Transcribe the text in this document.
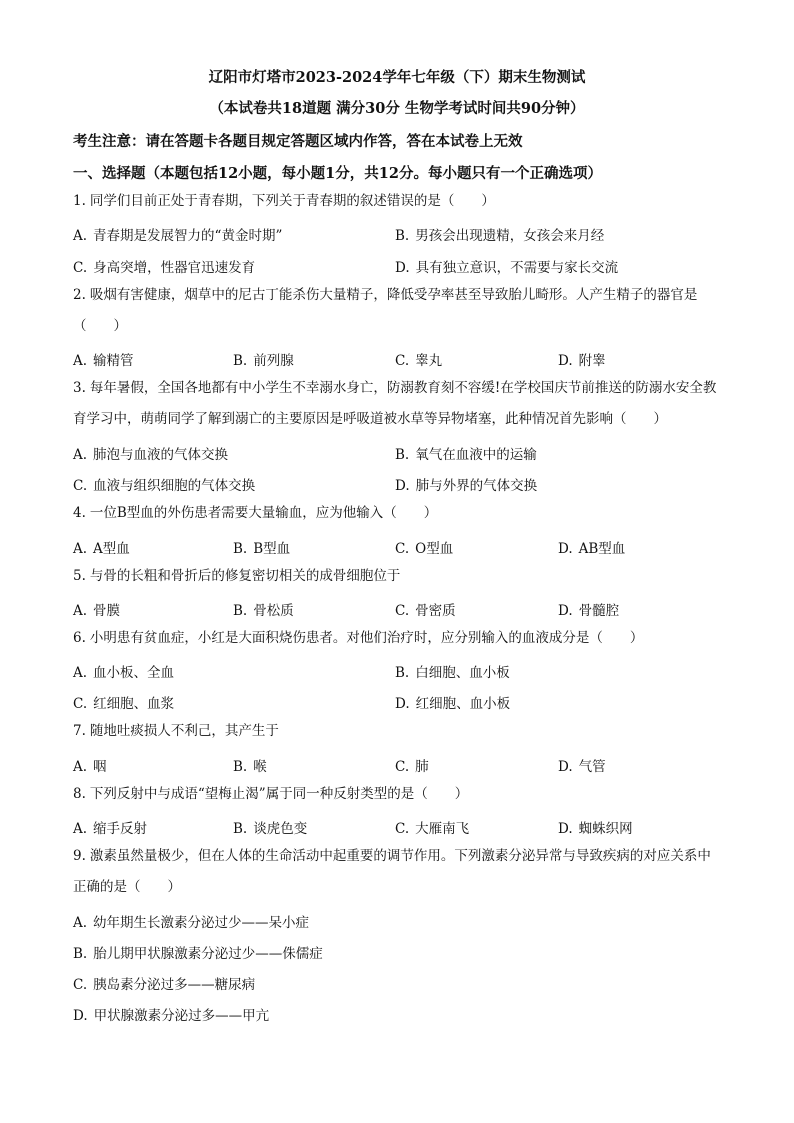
辽阳市灯塔市2023-2024学年七年级（下）期末生物测试
（本试卷共18道题 满分30分 生物学考试时间共90分钟）
考生注意：请在答题卡各题目规定答题区域内作答，答在本试卷上无效
一、选择题（本题包括12小题，每小题1分，共12分。每小题只有一个正确选项）
1. 同学们目前正处于青春期，下列关于青春期的叙述错误的是（　　）
A. 青春期是发展智力的“黄金时期”	B. 男孩会出现遗精，女孩会来月经
C. 身高突增，性器官迅速发育	D. 具有独立意识，不需要与家长交流
2. 吸烟有害健康，烟草中的尼古丁能杀伤大量精子，降低受孕率甚至导致胎儿畸形。人产生精子的器官是（　　）
A. 输精管	B. 前列腺	C. 睾丸	D. 附睾
3. 每年暑假，全国各地都有中小学生不幸溺水身亡，防溺教育刻不容缓!在学校国庆节前推送的防溺水安全教育学习中，萌萌同学了解到溺亡的主要原因是呼吸道被水草等异物堵塞，此种情况首先影响（　　）
A. 肺泡与血液的气体交换	B. 氧气在血液中的运输
C. 血液与组织细胞的气体交换	D. 肺与外界的气体交换
4. 一位B型血的外伤患者需要大量输血，应为他输入（　　）
A. A型血	B. B型血	C. O型血	D. AB型血
5. 与骨的长粗和骨折后的修复密切相关的成骨细胞位于
A. 骨膜	B. 骨松质	C. 骨密质	D. 骨髓腔
6. 小明患有贫血症，小红是大面积烧伤患者。对他们治疗时，应分别输入的血液成分是（　　）
A. 血小板、全血	B. 白细胞、血小板
C. 红细胞、血浆	D. 红细胞、血小板
7. 随地吐痰损人不利己，其产生于
A. 咽	B. 喉	C. 肺	D. 气管
8. 下列反射中与成语“望梅止渴”属于同一种反射类型的是（　　）
A. 缩手反射	B. 谈虎色变	C. 大雁南飞	D. 蜘蛛织网
9. 激素虽然量极少，但在人体的生命活动中起重要的调节作用。下列激素分泌异常与导致疾病的对应关系中正确的是（　　）
A. 幼年期生长激素分泌过少——呆小症
B. 胎儿期甲状腺激素分泌过少——侏儒症
C. 胰岛素分泌过多——糖尿病
D. 甲状腺激素分泌过多——甲亢
